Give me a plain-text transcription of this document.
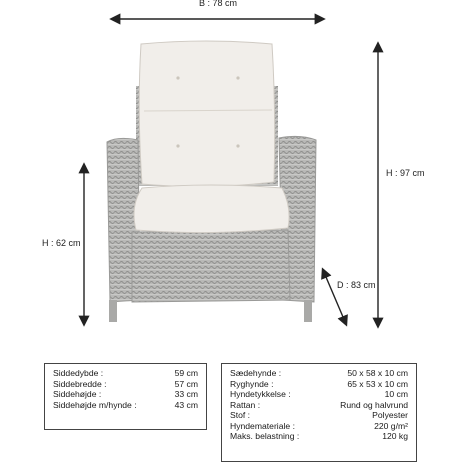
B : 78 cm
H : 97 cm
H : 62 cm
D : 83 cm
Siddedybde :	59 cm
Siddebredde :	57 cm
Siddehøjde :	33 cm
Siddehøjde m/hynde :	43 cm
Sædehynde :	50 x 58 x 10 cm
Ryghynde :	65 x 53 x 10 cm
Hyndetykkelse :	10 cm
Rattan :	Rund og halvrund
Stof :	Polyester
Hyndemateriale :	220 g/m²
Maks. belastning :	120 kg
